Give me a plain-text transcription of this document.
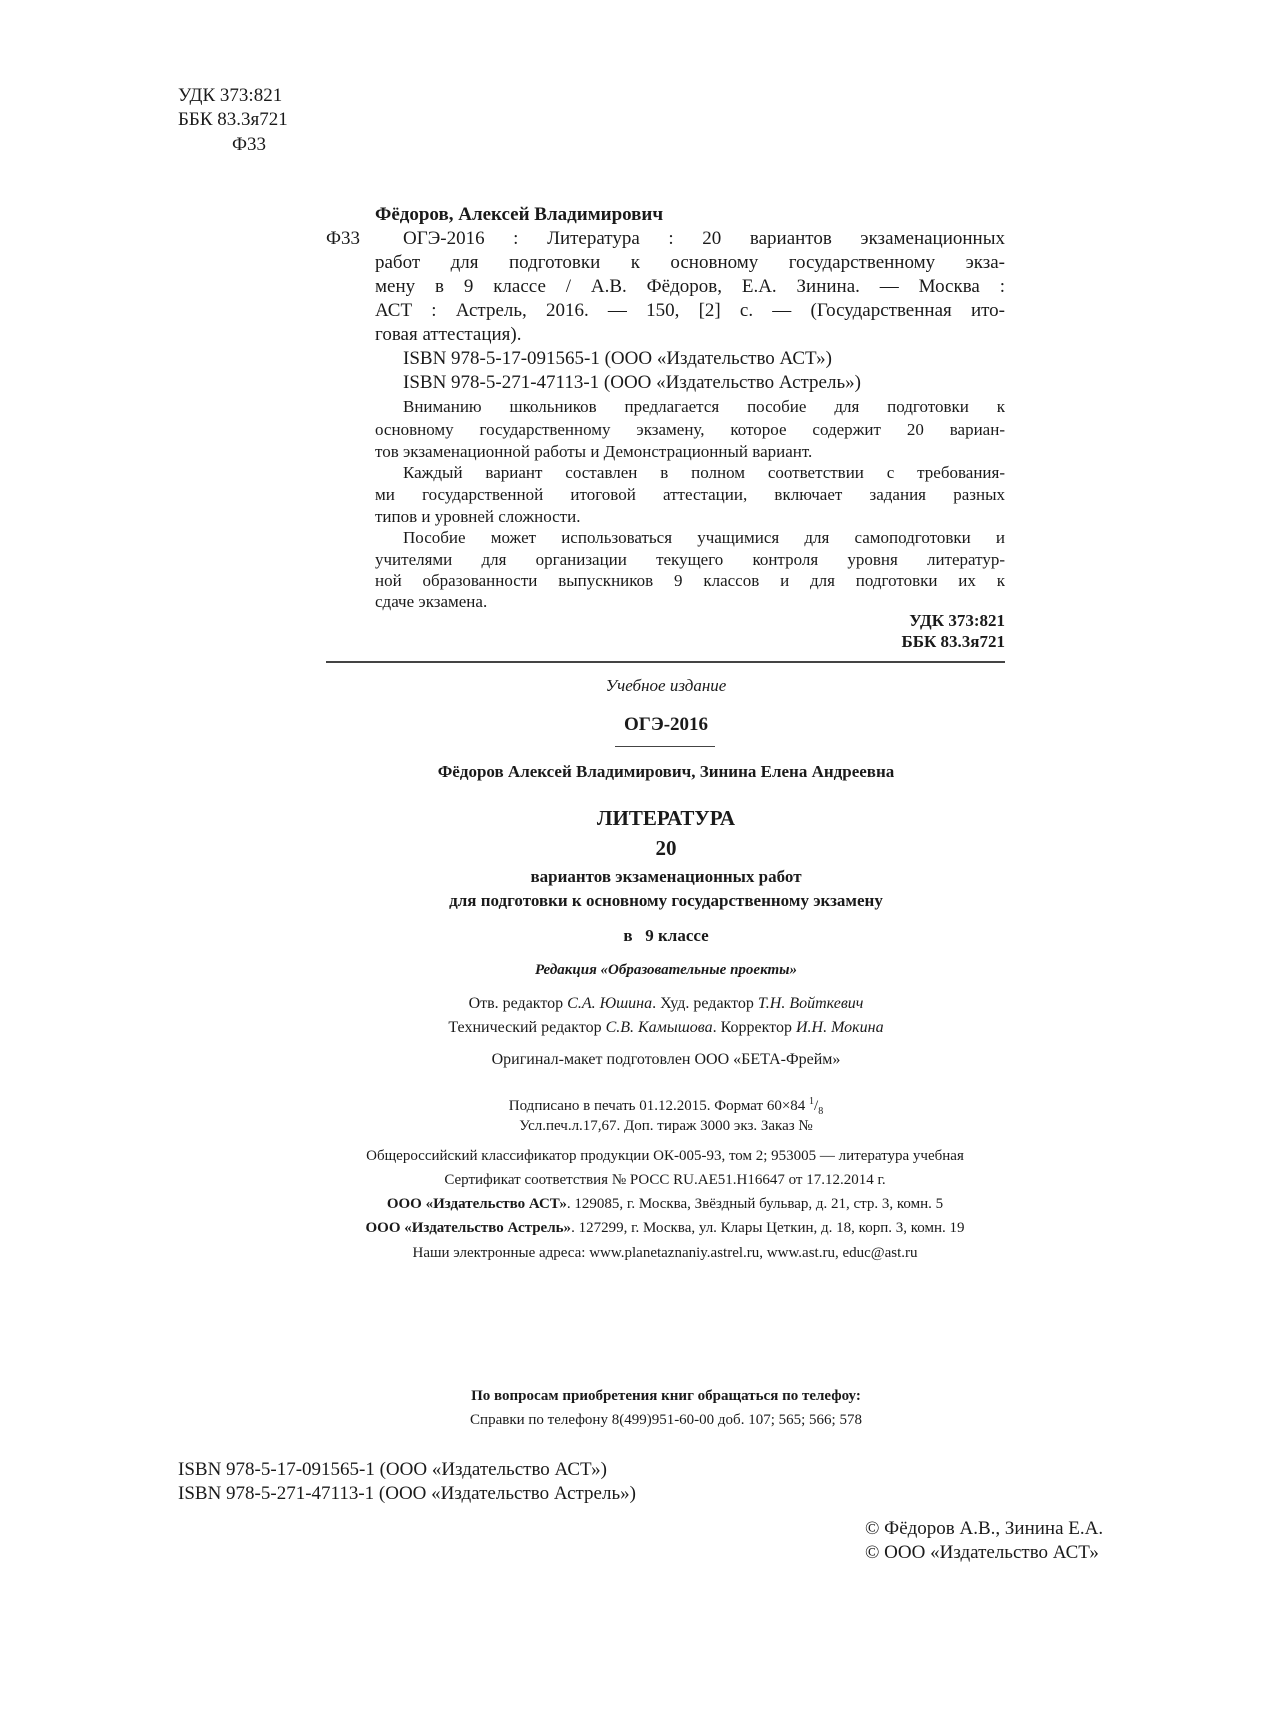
УДК 373:821
ББК 83.3я721
Ф33
Фёдоров, Алексей Владимирович
Ф33 ОГЭ-2016 : Литература : 20 вариантов экзаменационных
работ для подготовки к основному государственному экза-
мену в 9 классе / А.В. Фёдоров, Е.А. Зинина. — Москва :
АСТ : Астрель, 2016. — 150, [2] с. — (Государственная ито-
говая аттестация).
ISBN 978-5-17-091565-1 (ООО «Издательство АСТ»)
ISBN 978-5-271-47113-1 (ООО «Издательство Астрель»)
Вниманию школьников предлагается пособие для подготовки к
основному государственному экзамену, которое содержит 20 вариан-
тов экзаменационной работы и Демонстрационный вариант.
Каждый вариант составлен в полном соответствии с требования-
ми государственной итоговой аттестации, включает задания разных
типов и уровней сложности.
Пособие может использоваться учащимися для самоподготовки и
учителями для организации текущего контроля уровня литератур-
ной образованности выпускников 9 классов и для подготовки их к
сдаче экзамена.
УДК 373:821
ББК 83.3я721
Учебное издание
ОГЭ-2016
Фёдоров Алексей Владимирович, Зинина Елена Андреевна
ЛИТЕРАТУРА
20
вариантов экзаменационных работ
для подготовки к основному государственному экзамену
в   9 классе
Редакция «Образовательные проекты»
Отв. редактор С.А. Юшина. Худ. редактор Т.Н. Войткевич
Технический редактор С.В. Камышова. Корректор И.Н. Мокина
Оригинал-макет подготовлен ООО «БЕТА-Фрейм»
Подписано в печать 01.12.2015. Формат 60×84 $^1/_8$
Усл.печ.л.17,67. Доп. тираж 3000 экз. Заказ №
Общероссийский классификатор продукции ОК-005-93, том 2; 953005 — литература учебная
Сертификат соответствия № РОСС RU.AE51.H16647 от 17.12.2014 г.
ООО «Издательство АСТ». 129085, г. Москва, Звёздный бульвар, д. 21, стр. 3, комн. 5
ООО «Издательство Астрель». 127299, г. Москва, ул. Клары Цеткин, д. 18, корп. 3, комн. 19
Наши электронные адреса: www.planetaznaniy.astrel.ru, www.ast.ru, educ@ast.ru
По вопросам приобретения книг обращаться по телефоу:
Справки по телефону 8(499)951-60-00 доб. 107; 565; 566; 578
ISBN 978-5-17-091565-1 (ООО «Издательство АСТ»)
ISBN 978-5-271-47113-1 (ООО «Издательство Астрель»)
© Фёдоров А.В., Зинина Е.А.
© ООО «Издательство АСТ»
